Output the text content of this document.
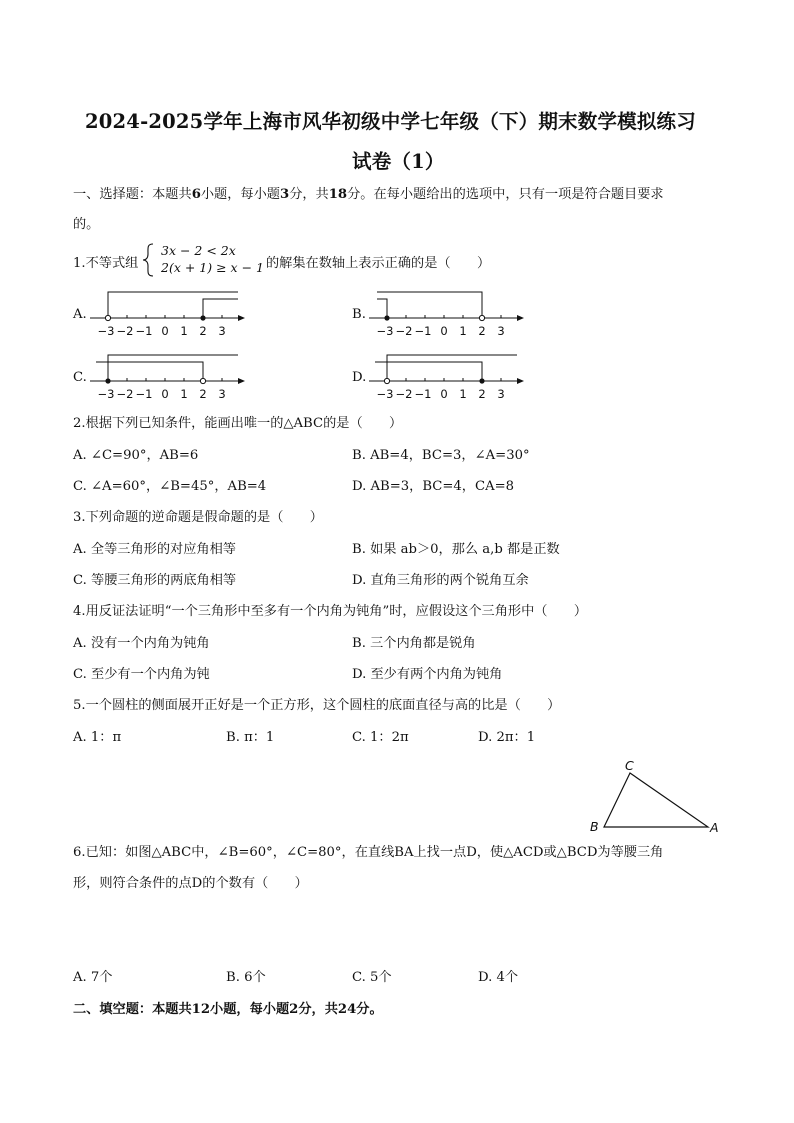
2024-2025学年上海市风华初级中学七年级（下）期末数学模拟练习
试卷（1）
一、选择题：本题共6小题，每小题3分，共18分。在每小题给出的选项中，只有一项是符合题目要求
的。
1.不等式组
3x − 2 < 2x
2(x + 1) ≥ x − 1 的解集在数轴上表示正确的是（　　）
A.	B.
C.	D.
−3 −2 −1 0 1 2 3	−3 −2 −1 0 1 2 3
−3 −2 −1 0 1 2 3	−3 −2 −1 0 1 2 3
2.根据下列已知条件，能画出唯一的△ABC的是（　　）
A. ∠C=90°，AB=6	B. AB=4，BC=3，∠A=30°
C. ∠A=60°，∠B=45°，AB=4	D. AB=3，BC=4，CA=8
3.下列命题的逆命题是假命题的是（　　）
A. 全等三角形的对应角相等	B. 如果 ab＞0，那么 a,b 都是正数
C. 等腰三角形的两底角相等	D. 直角三角形的两个锐角互余
4.用反证法证明“一个三角形中至多有一个内角为钝角”时，应假设这个三角形中（　　）
A. 没有一个内角为钝角	B. 三个内角都是锐角
C. 至少有一个内角为钝	D. 至少有两个内角为钝角
5.一个圆柱的侧面展开正好是一个正方形，这个圆柱的底面直径与高的比是（　　）
A. 1：π	B. π：1	C. 1：2π	D. 2π：1
C
B	A
6.已知：如图△ABC中，∠B=60°，∠C=80°，在直线BA上找一点D，使△ACD或△BCD为等腰三角
形，则符合条件的点D的个数有（　　）
A. 7个	B. 6个	C. 5个	D. 4个
二、填空题：本题共12小题，每小题2分，共24分。
